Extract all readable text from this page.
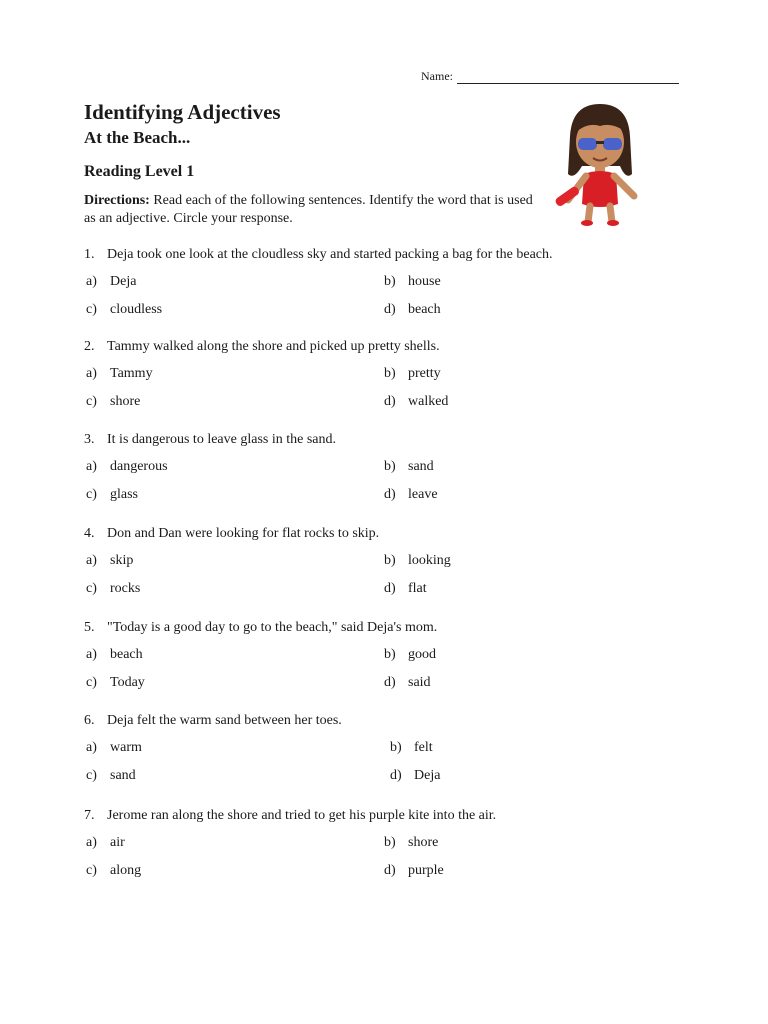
Name:
Identifying Adjectives
At the Beach...
Reading Level 1
Directions: Read each of the following sentences. Identify the word that is used as an adjective. Circle your response.
1. Deja took one look at the cloudless sky and started packing a bag for the beach.
a) Deja	b) house
c) cloudless	d) beach
2. Tammy walked along the shore and picked up pretty shells.
a) Tammy	b) pretty
c) shore	d) walked
3. It is dangerous to leave glass in the sand.
a) dangerous	b) sand
c) glass	d) leave
4. Don and Dan were looking for flat rocks to skip.
a) skip	b) looking
c) rocks	d) flat
5. "Today is a good day to go to the beach," said Deja's mom.
a) beach	b) good
c) Today	d) said
6. Deja felt the warm sand between her toes.
a) warm	b) felt
c) sand	d) Deja
7. Jerome ran along the shore and tried to get his purple kite into the air.
a) air	b) shore
c) along	d) purple
